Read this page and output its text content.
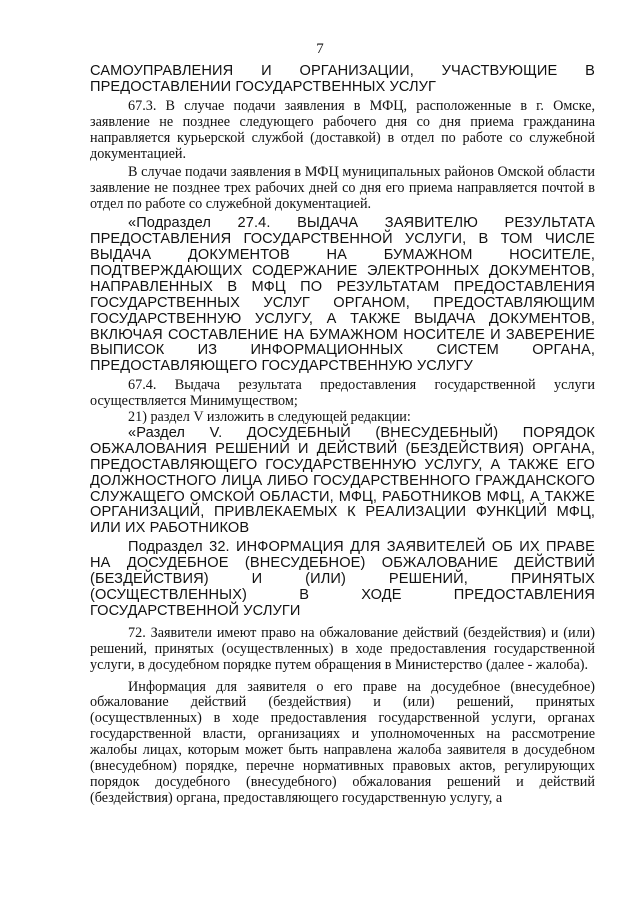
7

САМОУПРАВЛЕНИЯ И ОРГАНИЗАЦИИ, УЧАСТВУЮЩИЕ В ПРЕДОСТАВЛЕНИИ ГОСУДАРСТВЕННЫХ УСЛУГ

67.3. В случае подачи заявления в МФЦ, расположенные в г. Омске, заявление не позднее следующего рабочего дня со дня приема гражданина направляется курьерской службой (доставкой) в отдел по работе со служебной документацией.

В случае подачи заявления в МФЦ муниципальных районов Омской области заявление не позднее трех рабочих дней со дня его приема направляется почтой в отдел по работе со служебной документацией.

«Подраздел 27.4. ВЫДАЧА ЗАЯВИТЕЛЮ РЕЗУЛЬТАТА ПРЕДОСТАВЛЕНИЯ ГОСУДАРСТВЕННОЙ УСЛУГИ, В ТОМ ЧИСЛЕ ВЫДАЧА ДОКУМЕНТОВ НА БУМАЖНОМ НОСИТЕЛЕ, ПОДТВЕРЖДАЮЩИХ СОДЕРЖАНИЕ ЭЛЕКТРОННЫХ ДОКУМЕНТОВ, НАПРАВЛЕННЫХ В МФЦ ПО РЕЗУЛЬТАТАМ ПРЕДОСТАВЛЕНИЯ ГОСУДАРСТВЕННЫХ УСЛУГ ОРГАНОМ, ПРЕДОСТАВЛЯЮЩИМ ГОСУДАРСТВЕННУЮ УСЛУГУ, А ТАКЖЕ ВЫДАЧА ДОКУМЕНТОВ, ВКЛЮЧАЯ СОСТАВЛЕНИЕ НА БУМАЖНОМ НОСИТЕЛЕ И ЗАВЕРЕНИЕ ВЫПИСОК ИЗ ИНФОРМАЦИОННЫХ СИСТЕМ ОРГАНА, ПРЕДОСТАВЛЯЮЩЕГО ГОСУДАРСТВЕННУЮ УСЛУГУ

67.4. Выдача результата предоставления государственной услуги осуществляется Минимуществом;

21) раздел V изложить в следующей редакции:

«Раздел V. ДОСУДЕБНЫЙ (ВНЕСУДЕБНЫЙ) ПОРЯДОК ОБЖАЛОВАНИЯ РЕШЕНИЙ И ДЕЙСТВИЙ (БЕЗДЕЙСТВИЯ) ОРГАНА, ПРЕДОСТАВЛЯЮЩЕГО ГОСУДАРСТВЕННУЮ УСЛУГУ, А ТАКЖЕ ЕГО ДОЛЖНОСТНОГО ЛИЦА ЛИБО ГОСУДАРСТВЕННОГО ГРАЖДАНСКОГО СЛУЖАЩЕГО ОМСКОЙ ОБЛАСТИ, МФЦ, РАБОТНИКОВ МФЦ, А ТАКЖЕ ОРГАНИЗАЦИЙ, ПРИВЛЕКАЕМЫХ К РЕАЛИЗАЦИИ ФУНКЦИЙ МФЦ, ИЛИ ИХ РАБОТНИКОВ

Подраздел 32. ИНФОРМАЦИЯ ДЛЯ ЗАЯВИТЕЛЕЙ ОБ ИХ ПРАВЕ НА ДОСУДЕБНОЕ (ВНЕСУДЕБНОЕ) ОБЖАЛОВАНИЕ ДЕЙСТВИЙ (БЕЗДЕЙСТВИЯ) И (ИЛИ) РЕШЕНИЙ, ПРИНЯТЫХ (ОСУЩЕСТВЛЕННЫХ) В ХОДЕ ПРЕДОСТАВЛЕНИЯ ГОСУДАРСТВЕННОЙ УСЛУГИ

72. Заявители имеют право на обжалование действий (бездействия) и (или) решений, принятых (осуществленных) в ходе предоставления государственной услуги, в досудебном порядке путем обращения в Министерство (далее - жалоба).

Информация для заявителя о его праве на досудебное (внесудебное) обжалование действий (бездействия) и (или) решений, принятых (осуществленных) в ходе предоставления государственной услуги, органах государственной власти, организациях и уполномоченных на рассмотрение жалобы лицах, которым может быть направлена жалоба заявителя в досудебном (внесудебном) порядке, перечне нормативных правовых актов, регулирующих порядок досудебного (внесудебного) обжалования решений и действий (бездействия) органа, предоставляющего государственную услугу, а
